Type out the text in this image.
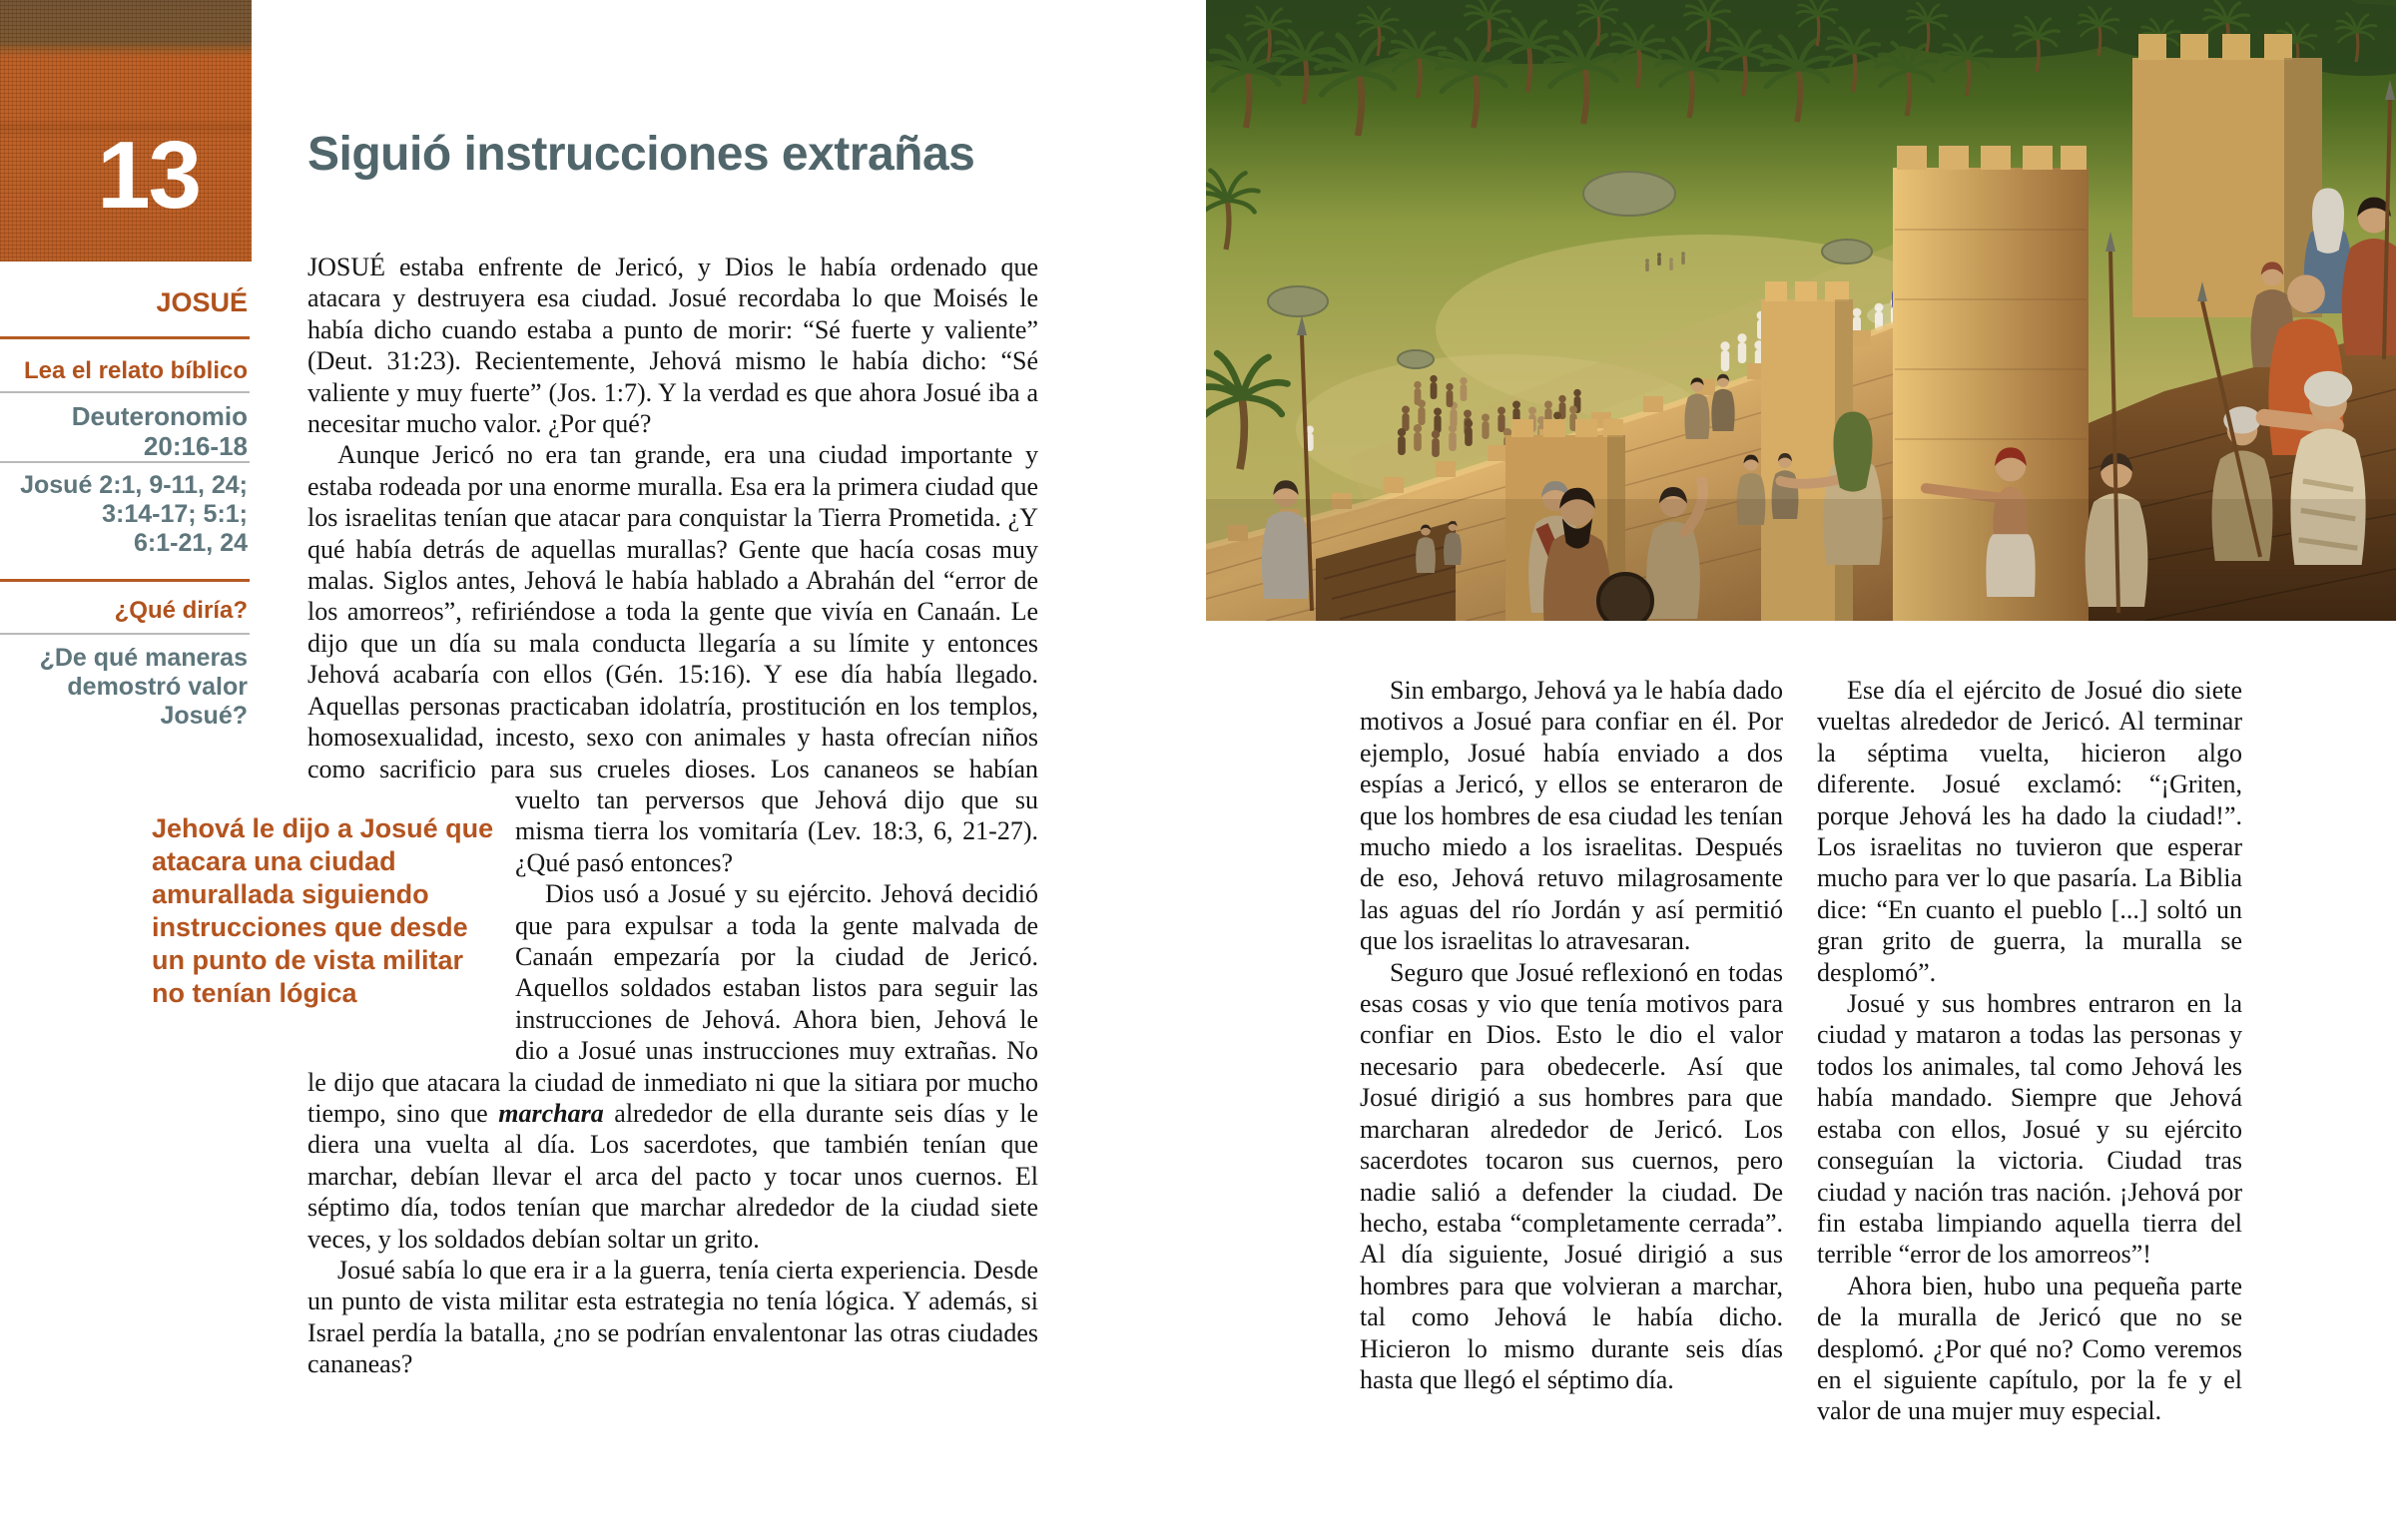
13
JOSUÉ
Lea el relato bíblico
Deuteronomio
20:16-18
Josué 2:1, 9-11, 24;
3:14-17; 5:1;
6:1-21, 24
¿Qué diría?
¿De qué maneras
demostró valor
Josué?
Siguió instrucciones extrañas

JOSUÉ estaba enfrente de Jericó, y Dios le había ordenado que atacara y destruyera esa ciudad. Josué recordaba lo que Moisés le había dicho cuando estaba a punto de morir: “Sé fuerte y valiente” (Deut. 31:23). Recientemente, Jehová mismo le había dicho: “Sé valiente y muy fuerte” (Jos. 1:7). Y la verdad es que ahora Josué iba a necesitar mucho valor. ¿Por qué?

Aunque Jericó no era tan grande, era una ciudad importante y estaba rodeada por una enorme muralla. Esa era la primera ciudad que los israelitas tenían que atacar para conquistar la Tierra Prometida. ¿Y qué había detrás de aquellas murallas? Gente que hacía cosas muy malas. Siglos antes, Jehová le había hablado a Abrahán del “error de los amorreos”, refiriéndose a toda la gente que vivía en Canaán. Le dijo que un día su mala conducta llegaría a su límite y entonces Jehová acabaría con ellos (Gén. 15:16). Y ese día había llegado. Aquellas personas practicaban idolatría, prostitución en los templos, homosexualidad, incesto, sexo con animales y hasta ofrecían niños como sacrificio para sus crueles dioses. Los cananeos se habían vuelto tan perversos que Jehová dijo que su
Jehová le dijo a Josué que atacara una ciudad amurallada siguiendo instrucciones que desde un punto de vista militar no tenían lógica
misma tierra los vomitaría (Lev. 18:3, 6, 21-27). ¿Qué pasó entonces?

Dios usó a Josué y su ejército. Jehová decidió que para expulsar a toda la gente malvada de Canaán empezaría por la ciudad de Jericó. Aquellos soldados estaban listos para seguir las instrucciones de Jehová. Ahora bien, Jehová le dio a Josué unas instrucciones muy extrañas. No le dijo que atacara la ciudad de inmediato ni que la sitiara por mucho tiempo, sino que marchara alrededor de ella durante seis días y le diera una vuelta al día. Los sacerdotes, que también tenían que marchar, debían llevar el arca del pacto y tocar unos cuernos. El séptimo día, todos tenían que marchar alrededor de la ciudad siete veces, y los soldados debían soltar un grito.

Josué sabía lo que era ir a la guerra, tenía cierta experiencia. Desde un punto de vista militar esta estrategia no tenía lógica. Y además, si Israel perdía la batalla, ¿no se podrían envalentonar las otras ciudades cananeas?

Sin embargo, Jehová ya le había dado motivos a Josué para confiar en él. Por ejemplo, Josué había enviado a dos espías a Jericó, y ellos se enteraron de que los hombres de esa ciudad les tenían mucho miedo a los israelitas. Después de eso, Jehová retuvo milagrosamente las aguas del río Jordán y así permitió que los israelitas lo atravesaran.

Seguro que Josué reflexionó en todas esas cosas y vio que tenía motivos para confiar en Dios. Esto le dio el valor necesario para obedecerle. Así que Josué dirigió a sus hombres para que marcharan alrededor de Jericó. Los sacerdotes tocaron sus cuernos, pero nadie salió a defender la ciudad. De hecho, estaba “completamente cerrada”. Al día siguiente, Josué dirigió a sus hombres para que volvieran a marchar, tal como Jehová le había dicho. Hicieron lo mismo durante seis días hasta que llegó el séptimo día.

Ese día el ejército de Josué dio siete vueltas alrededor de Jericó. Al terminar la séptima vuelta, hicieron algo diferente. Josué exclamó: “¡Griten, porque Jehová les ha dado la ciudad!”. Los israelitas no tuvieron que esperar mucho para ver lo que pasaría. La Biblia dice: “En cuanto el pueblo [...] soltó un gran grito de guerra, la muralla se desplomó”.

Josué y sus hombres entraron en la ciudad y mataron a todas las personas y todos los animales, tal como Jehová les había mandado. Siempre que Jehová estaba con ellos, Josué y su ejército conseguían la victoria. Ciudad tras ciudad y nación tras nación. ¡Jehová por fin estaba limpiando aquella tierra del terrible “error de los amorreos”!

Ahora bien, hubo una pequeña parte de la muralla de Jericó que no se desplomó. ¿Por qué no? Como veremos en el siguiente capítulo, por la fe y el valor de una mujer muy especial.
